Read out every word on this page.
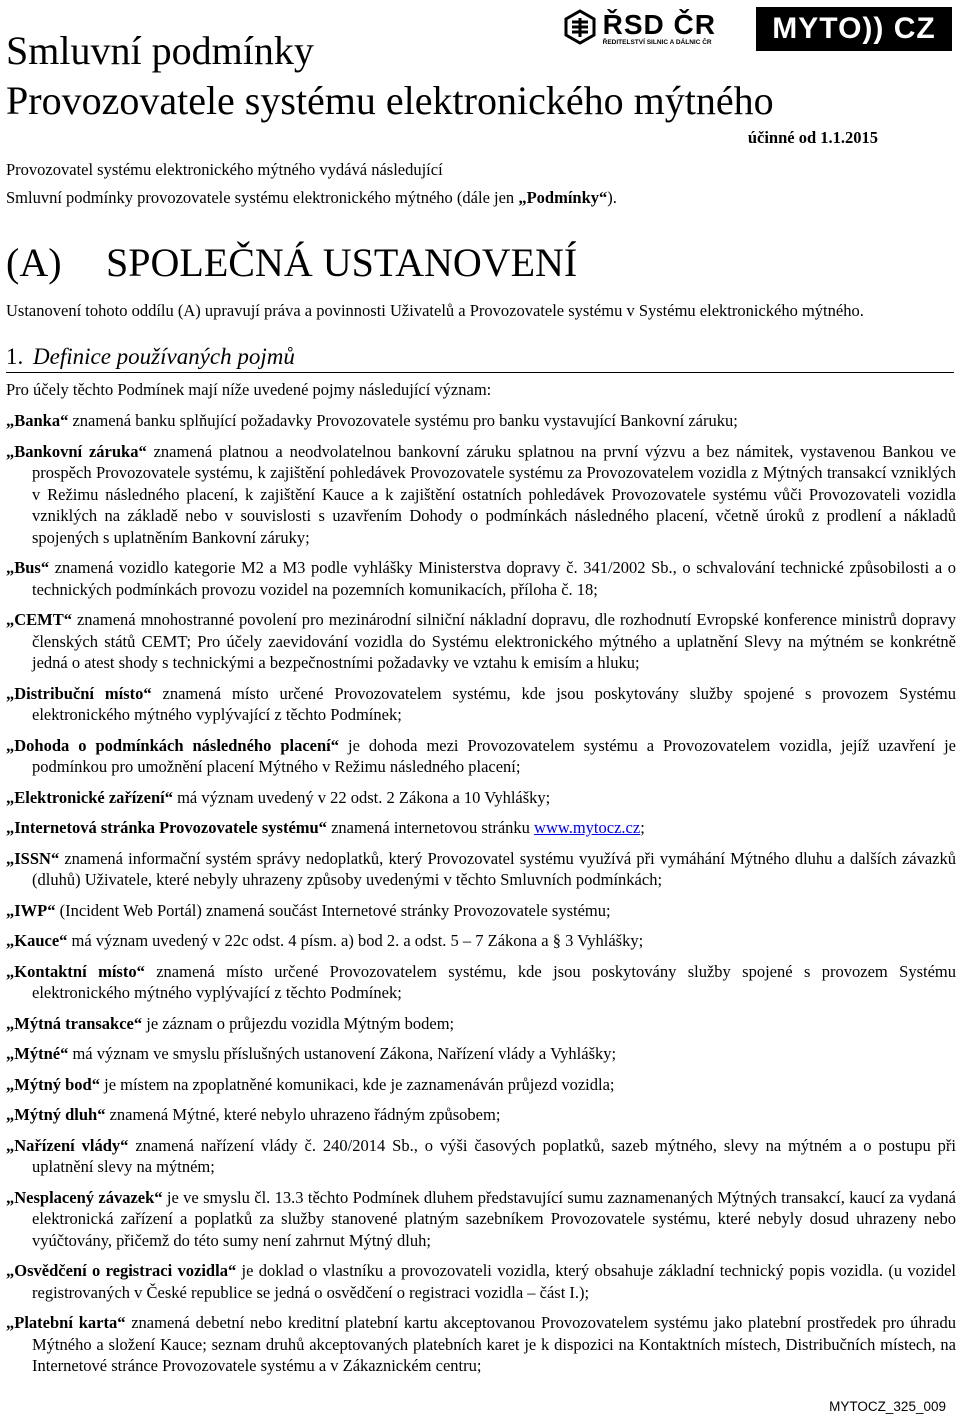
Smluvní podmínky
Provozovatele systému elektronického mýtného
ŘSD ČR
ŘEDITELSTVÍ SILNIC A DÁLNIC ČR MYTO)) CZ
účinné od 1.1.2015
Provozovatel systému elektronického mýtného vydává následující
Smluvní podmínky provozovatele systému elektronického mýtného (dále jen „Podmínky“).
(A)	SPOLEČNÁ USTANOVENÍ
Ustanovení tohoto oddílu (A) upravují práva a povinnosti Uživatelů a Provozovatele systému v Systému elektronického mýtného.
1. Definice používaných pojmů

Pro účely těchto Podmínek mají níže uvedené pojmy následující význam:

„Banka“ znamená banku splňující požadavky Provozovatele systému pro banku vystavující Bankovní záruku;

„Bankovní záruka“ znamená platnou a neodvolatelnou bankovní záruku splatnou na první výzvu a bez námitek, vystavenou Bankou ve prospěch Provozovatele systému, k zajištění pohledávek Provozovatele systému za Provozovatelem vozidla z Mýtných transakcí vzniklých v Režimu následného placení, k zajištění Kauce a k zajištění ostatních pohledávek Provozovatele systému vůči Provozovateli vozidla vzniklých na základě nebo v souvislosti s uzavřením Dohody o podmínkách následného placení, včetně úroků z prodlení a nákladů spojených s uplatněním Bankovní záruky;

„Bus“ znamená vozidlo kategorie M2 a M3 podle vyhlášky Ministerstva dopravy č. 341/2002 Sb., o schvalování technické způsobilosti a o technických podmínkách provozu vozidel na pozemních komunikacích, příloha č. 18;

„CEMT“ znamená mnohostranné povolení pro mezinárodní silniční nákladní dopravu, dle rozhodnutí Evropské konference ministrů dopravy členských států CEMT; Pro účely zaevidování vozidla do Systému elektronického mýtného a uplatnění Slevy na mýtném se konkrétně jedná o atest shody s technickými a bezpečnostními požadavky ve vztahu k emisím a hluku;

„Distribuční místo“ znamená místo určené Provozovatelem systému, kde jsou poskytovány služby spojené s provozem Systému elektronického mýtného vyplývající z těchto Podmínek;

„Dohoda o podmínkách následného placení“ je dohoda mezi Provozovatelem systému a Provozovatelem vozidla, jejíž uzavření je podmínkou pro umožnění placení Mýtného v Režimu následného placení;

„Elektronické zařízení“ má význam uvedený v 22 odst. 2 Zákona a 10 Vyhlášky;

„Internetová stránka Provozovatele systému“ znamená internetovou stránku www.mytocz.cz;

„ISSN“ znamená informační systém správy nedoplatků, který Provozovatel systému využívá při vymáhání Mýtného dluhu a dalších závazků (dluhů) Uživatele, které nebyly uhrazeny způsoby uvedenými v těchto Smluvních podmínkách;

„IWP“ (Incident Web Portál) znamená součást Internetové stránky Provozovatele systému;

„Kauce“ má význam uvedený v 22c odst. 4 písm. a) bod 2. a odst. 5 – 7 Zákona a § 3 Vyhlášky;

„Kontaktní místo“ znamená místo určené Provozovatelem systému, kde jsou poskytovány služby spojené s provozem Systému elektronického mýtného vyplývající z těchto Podmínek;

„Mýtná transakce“ je záznam o průjezdu vozidla Mýtným bodem;

„Mýtné“ má význam ve smyslu příslušných ustanovení Zákona, Nařízení vlády a Vyhlášky;

„Mýtný bod“ je místem na zpoplatněné komunikaci, kde je zaznamenáván průjezd vozidla;

„Mýtný dluh“ znamená Mýtné, které nebylo uhrazeno řádným způsobem;

„Nařízení vlády“ znamená nařízení vlády č. 240/2014 Sb., o výši časových poplatků, sazeb mýtného, slevy na mýtném a o postupu při uplatnění slevy na mýtném;

„Nesplacený závazek“ je ve smyslu čl. 13.3 těchto Podmínek dluhem představující sumu zaznamenaných Mýtných transakcí, kaucí za vydaná elektronická zařízení a poplatků za služby stanovené platným sazebníkem Provozovatele systému, které nebyly dosud uhrazeny nebo vyúčtovány, přičemž do této sumy není zahrnut Mýtný dluh;

„Osvědčení o registraci vozidla“ je doklad o vlastníku a provozovateli vozidla, který obsahuje základní technický popis vozidla. (u vozidel registrovaných v České republice se jedná o osvědčení o registraci vozidla – část I.);

„Platební karta“ znamená debetní nebo kreditní platební kartu akceptovanou Provozovatelem systému jako platební prostředek pro úhradu Mýtného a složení Kauce; seznam druhů akceptovaných platebních karet je k dispozici na Kontaktních místech, Distribučních místech, na Internetové stránce Provozovatele systému a v Zákaznickém centru;

MYTOCZ_325_009
